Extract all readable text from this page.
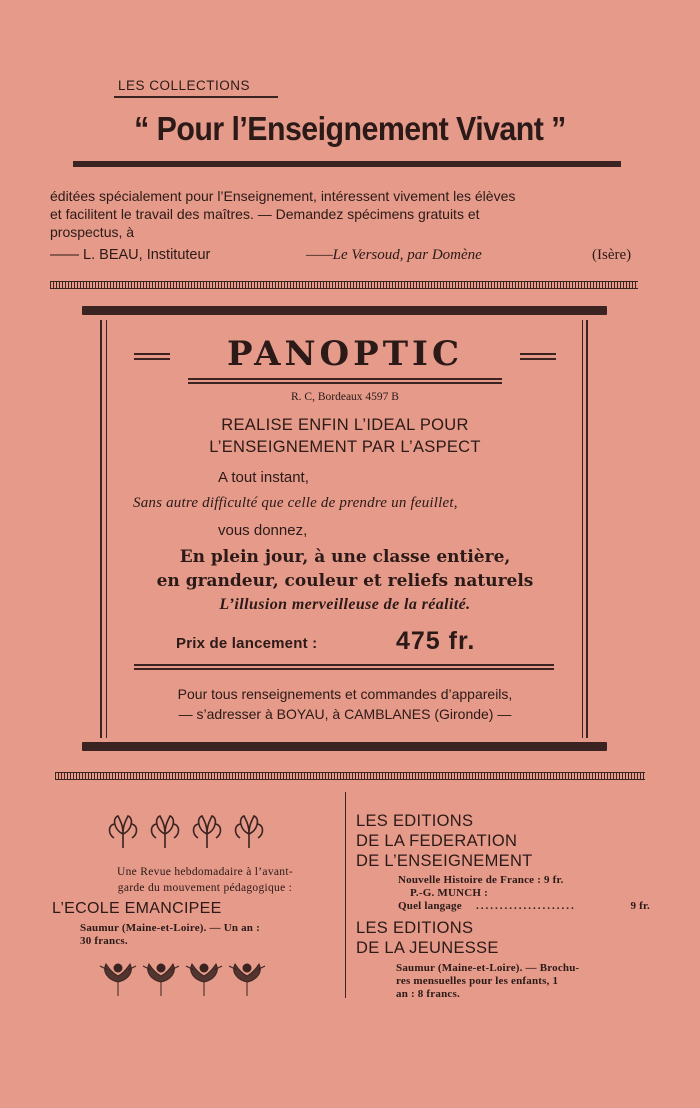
LES COLLECTIONS
“ Pour l’Enseignement Vivant ”
éditées spécialement pour l’Enseignement, intéressent vivement les élèves
et facilitent le travail des maîtres. — Demandez spécimens gratuits et
prospectus, à
—— L. BEAU, Instituteur	——Le Versoud, par Domène	(Isère)
PANOPTIC
R. C, Bordeaux 4597 B
REALISE ENFIN L’IDEAL POUR
L’ENSEIGNEMENT PAR L’ASPECT
A tout instant,
Sans autre difficulté que celle de prendre un feuillet,
vous donnez,
En plein jour, à une classe entière,
en grandeur, couleur et reliefs naturels
L’illusion merveilleuse de la réalité.
Prix de lancement :	475 fr.
Pour tous renseignements et commandes d’appareils,
— s’adresser à BOYAU, à CAMBLANES (Gironde) —
Une Revue hebdomadaire à l’avant-
garde du mouvement pédagogique :
L’ECOLE EMANCIPEE
Saumur (Maine-et-Loire). — Un an :
30 francs.
LES EDITIONS
DE LA FEDERATION
DE L’ENSEIGNEMENT
Nouvelle Histoire de France : 9 fr.
P.-G. MUNCH :
Quel langage .....................	9 fr.
LES EDITIONS
DE LA JEUNESSE
Saumur (Maine-et-Loire). — Brochu-
res mensuelles pour les enfants, 1
an : 8 francs.
